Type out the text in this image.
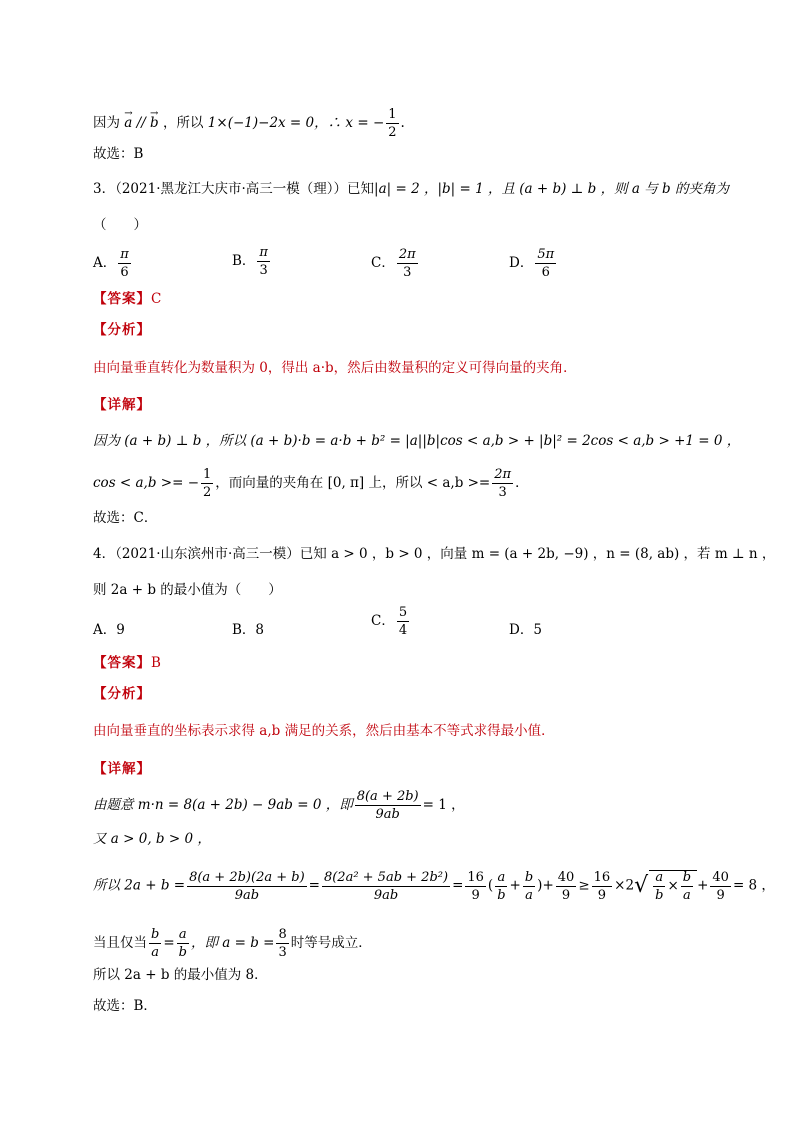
因为 → a // → b ，所以 1×(−1)−2x = 0，∴ x = − $\frac{1}{2}$ .
故选：B
3．（2021·黑龙江大庆市·高三一模（理））已知|a| = 2 ，|b| = 1 ，且 (a + b) ⊥ b ，则 a 与 b 的夹角为
（　　）
A． $\frac{\pi}{6}$	B． $\frac{\pi}{3}$	C． $\frac{2\pi}{3}$	D． $\frac{5\pi}{6}$
【答案】C
【分析】
由向量垂直转化为数量积为 0，得出 a·b，然后由数量积的定义可得向量的夹角．
【详解】
因为 (a + b) ⊥ b ，所以 (a + b)·b = a·b + b² = |a||b|cos < a,b > + |b|² = 2cos < a,b > +1 = 0 ，
cos < a,b >= − $\frac{1}{2}$ ，而向量的夹角在 [0, π] 上，所以 < $a,b >= \frac{2\pi}{3}$ ．
故选：C．
4．（2021·山东滨州市·高三一模）已知 a > 0 ，b > 0 ，向量 m = (a + 2b, −9) ，n = (8, ab) ，若 m ⊥ n ，
则 2a + b 的最小值为（　　）
A．9	B．8
C． $\frac{5}{4}$	D．5
【答案】B
【分析】
由向量垂直的坐标表示求得 a,b 满足的关系，然后由基本不等式求得最小值．
【详解】
由题意 m·n = 8(a + 2b) − 9ab = 0 ，即 $\frac{8(a + 2b)}{9ab} = 1$ ，
又 a > 0, b > 0 ，
所以 $2a + b = \frac{8(a + 2b)(2a + b)}{9ab} = \frac{\text{8(2a² + 5ab + 2b²)}}{9ab} = \frac{16}{9}$ ( $\frac{a}{b} + \frac{b}{a}$ )+ $\frac{40}{9} \ge \frac{16}{9} \times 2√ \frac{a}{b} \times \frac{b}{a} + \frac{40}{9} = 8$ ，
当且仅当 $\frac{b}{a} = \frac{a}{b}$ ，即 $a = b = \frac{8}{3}$ 时等号成立．
所以 2a + b 的最小值为 8．
故选：B．
